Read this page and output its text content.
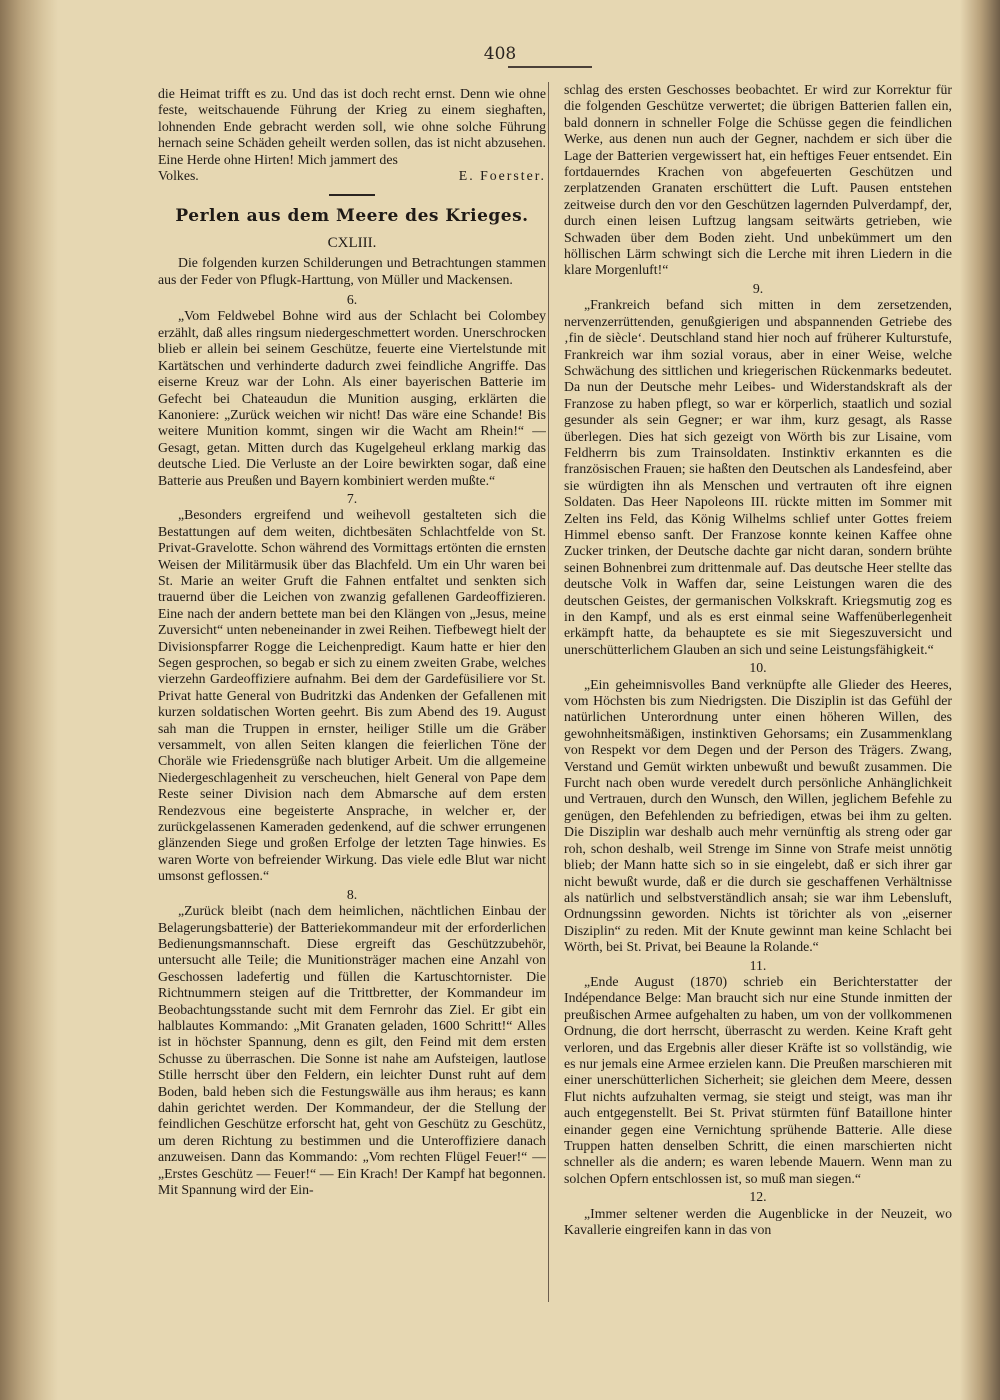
408

die Heimat trifft es zu. Und das ist doch recht ernst. Denn wie ohne feste, weitschauende Führung der Krieg zu einem sieghaften, lohnenden Ende gebracht werden soll, wie ohne solche Führung hernach seine Schäden geheilt werden sollen, das ist nicht abzusehen. Eine Herde ohne Hirten! Mich jammert des

Volkes.	E. Foerster.
Perlen aus dem Meere des Krieges.

CXLIII.

Die folgenden kurzen Schilderungen und Betrachtungen stammen aus der Feder von Pflugk-Harttung, von Müller und Mackensen.

6.

„Vom Feldwebel Bohne wird aus der Schlacht bei Colombey erzählt, daß alles ringsum niedergeschmettert worden. Unerschrocken blieb er allein bei seinem Geschütze, feuerte eine Viertelstunde mit Kartätschen und verhinderte dadurch zwei feindliche Angriffe. Das eiserne Kreuz war der Lohn. Als einer bayerischen Batterie im Gefecht bei Chateaudun die Munition ausging, erklärten die Kanoniere: „Zurück weichen wir nicht! Das wäre eine Schande! Bis weitere Munition kommt, singen wir die Wacht am Rhein!“ — Gesagt, getan. Mitten durch das Kugelgeheul erklang markig das deutsche Lied. Die Verluste an der Loire bewirkten sogar, daß eine Batterie aus Preußen und Bayern kombiniert werden mußte.“

7.

„Besonders ergreifend und weihevoll gestalteten sich die Bestattungen auf dem weiten, dichtbesäten Schlachtfelde von St. Privat-Gravelotte. Schon während des Vormittags ertönten die ernsten Weisen der Militärmusik über das Blachfeld. Um ein Uhr waren bei St. Marie an weiter Gruft die Fahnen entfaltet und senkten sich trauernd über die Leichen von zwanzig gefallenen Gardeoffizieren. Eine nach der andern bettete man bei den Klängen von „Jesus, meine Zuversicht“ unten nebeneinander in zwei Reihen. Tiefbewegt hielt der Divisionspfarrer Rogge die Leichenpredigt. Kaum hatte er hier den Segen gesprochen, so begab er sich zu einem zweiten Grabe, welches vierzehn Gardeoffiziere aufnahm. Bei dem der Gardefüsiliere vor St. Privat hatte General von Budritzki das Andenken der Gefallenen mit kurzen soldatischen Worten geehrt. Bis zum Abend des 19. August sah man die Truppen in ernster, heiliger Stille um die Gräber versammelt, von allen Seiten klangen die feierlichen Töne der Choräle wie Friedensgrüße nach blutiger Arbeit. Um die allgemeine Niedergeschlagenheit zu verscheuchen, hielt General von Pape dem Reste seiner Division nach dem Abmarsche auf dem ersten Rendezvous eine begeisterte Ansprache, in welcher er, der zurückgelassenen Kameraden gedenkend, auf die schwer errungenen glänzenden Siege und großen Erfolge der letzten Tage hinwies. Es waren Worte von befreiender Wirkung. Das viele edle Blut war nicht umsonst geflossen.“

8.

„Zurück bleibt (nach dem heimlichen, nächtlichen Einbau der Belagerungsbatterie) der Batteriekommandeur mit der erforderlichen Bedienungsmannschaft. Diese ergreift das Geschützzubehör, untersucht alle Teile; die Munitionsträger machen eine Anzahl von Geschossen ladefertig und füllen die Kartuschtornister. Die Richtnummern steigen auf die Trittbretter, der Kommandeur im Beobachtungsstande sucht mit dem Fernrohr das Ziel. Er gibt ein halblautes Kommando: „Mit Granaten geladen, 1600 Schritt!“ Alles ist in höchster Spannung, denn es gilt, den Feind mit dem ersten Schusse zu überraschen. Die Sonne ist nahe am Aufsteigen, lautlose Stille herrscht über den Feldern, ein leichter Dunst ruht auf dem Boden, bald heben sich die Festungswälle aus ihm heraus; es kann dahin gerichtet werden. Der Kommandeur, der die Stellung der feindlichen Geschütze erforscht hat, geht von Geschütz zu Geschütz, um deren Richtung zu bestimmen und die Unteroffiziere danach anzuweisen. Dann das Kommando: „Vom rechten Flügel Feuer!“ — „Erstes Geschütz — Feuer!“ — Ein Krach! Der Kampf hat begonnen. Mit Spannung wird der Ein-

schlag des ersten Geschosses beobachtet. Er wird zur Korrektur für die folgenden Geschütze verwertet; die übrigen Batterien fallen ein, bald donnern in schneller Folge die Schüsse gegen die feindlichen Werke, aus denen nun auch der Gegner, nachdem er sich über die Lage der Batterien vergewissert hat, ein heftiges Feuer entsendet. Ein fortdauerndes Krachen von abgefeuerten Geschützen und zerplatzenden Granaten erschüttert die Luft. Pausen entstehen zeitweise durch den vor den Geschützen lagernden Pulverdampf, der, durch einen leisen Luftzug langsam seitwärts getrieben, wie Schwaden über dem Boden zieht. Und unbekümmert um den höllischen Lärm schwingt sich die Lerche mit ihren Liedern in die klare Morgenluft!“

9.

„Frankreich befand sich mitten in dem zersetzenden, nervenzerrüttenden, genußgierigen und abspannenden Getriebe des ‚fin de siècle‘. Deutschland stand hier noch auf früherer Kulturstufe, Frankreich war ihm sozial voraus, aber in einer Weise, welche Schwächung des sittlichen und kriegerischen Rückenmarks bedeutet. Da nun der Deutsche mehr Leibes- und Widerstandskraft als der Franzose zu haben pflegt, so war er körperlich, staatlich und sozial gesunder als sein Gegner; er war ihm, kurz gesagt, als Rasse überlegen. Dies hat sich gezeigt von Wörth bis zur Lisaine, vom Feldherrn bis zum Trainsoldaten. Instinktiv erkannten es die französischen Frauen; sie haßten den Deutschen als Landesfeind, aber sie würdigten ihn als Menschen und vertrauten oft ihre eignen Soldaten. Das Heer Napoleons III. rückte mitten im Sommer mit Zelten ins Feld, das König Wilhelms schlief unter Gottes freiem Himmel ebenso sanft. Der Franzose konnte keinen Kaffee ohne Zucker trinken, der Deutsche dachte gar nicht daran, sondern brühte seinen Bohnenbrei zum drittenmale auf. Das deutsche Heer stellte das deutsche Volk in Waffen dar, seine Leistungen waren die des deutschen Geistes, der germanischen Volkskraft. Kriegsmutig zog es in den Kampf, und als es erst einmal seine Waffenüberlegenheit erkämpft hatte, da behauptete es sie mit Siegeszuversicht und unerschütterlichem Glauben an sich und seine Leistungsfähigkeit.“

10.

„Ein geheimnisvolles Band verknüpfte alle Glieder des Heeres, vom Höchsten bis zum Niedrigsten. Die Disziplin ist das Gefühl der natürlichen Unterordnung unter einen höheren Willen, des gewohnheitsmäßigen, instinktiven Gehorsams; ein Zusammenklang von Respekt vor dem Degen und der Person des Trägers. Zwang, Verstand und Gemüt wirkten unbewußt und bewußt zusammen. Die Furcht nach oben wurde veredelt durch persönliche Anhänglichkeit und Vertrauen, durch den Wunsch, den Willen, jeglichem Befehle zu genügen, den Befehlenden zu befriedigen, etwas bei ihm zu gelten. Die Disziplin war deshalb auch mehr vernünftig als streng oder gar roh, schon deshalb, weil Strenge im Sinne von Strafe meist unnötig blieb; der Mann hatte sich so in sie eingelebt, daß er sich ihrer gar nicht bewußt wurde, daß er die durch sie geschaffenen Verhältnisse als natürlich und selbstverständlich ansah; sie war ihm Lebensluft, Ordnungssinn geworden. Nichts ist törichter als von „eiserner Disziplin“ zu reden. Mit der Knute gewinnt man keine Schlacht bei Wörth, bei St. Privat, bei Beaune la Rolande.“

11.

„Ende August (1870) schrieb ein Berichterstatter der Indépendance Belge: Man braucht sich nur eine Stunde inmitten der preußischen Armee aufgehalten zu haben, um von der vollkommenen Ordnung, die dort herrscht, überrascht zu werden. Keine Kraft geht verloren, und das Ergebnis aller dieser Kräfte ist so vollständig, wie es nur jemals eine Armee erzielen kann. Die Preußen marschieren mit einer unerschütterlichen Sicherheit; sie gleichen dem Meere, dessen Flut nichts aufzuhalten vermag, sie steigt und steigt, was man ihr auch entgegenstellt. Bei St. Privat stürmten fünf Bataillone hinter einander gegen eine Vernichtung sprühende Batterie. Alle diese Truppen hatten denselben Schritt, die einen marschierten nicht schneller als die andern; es waren lebende Mauern. Wenn man zu solchen Opfern entschlossen ist, so muß man siegen.“

12.

„Immer seltener werden die Augenblicke in der Neuzeit, wo Kavallerie eingreifen kann in das von
